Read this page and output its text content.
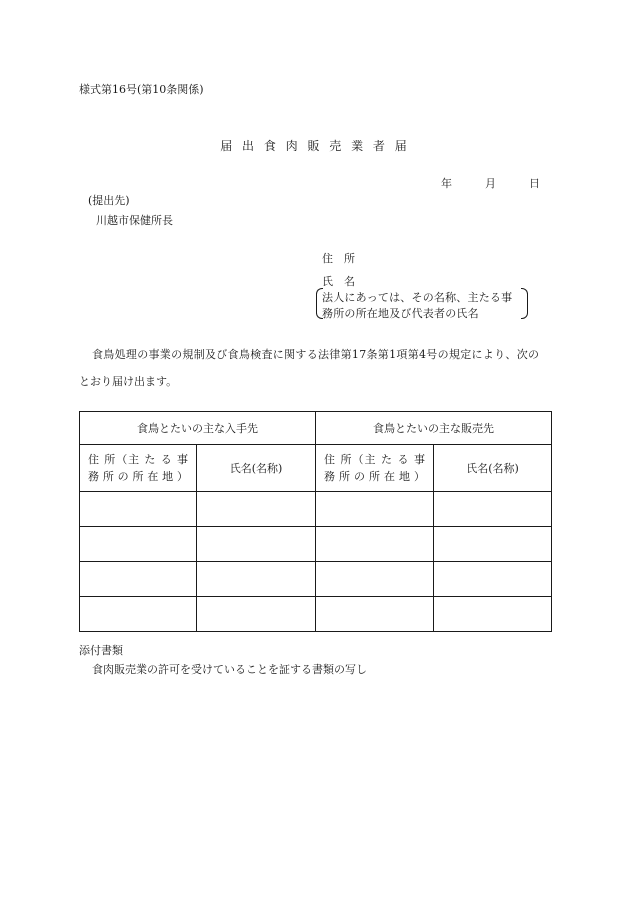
様式第16号(第10条関係)
届 出 食 肉 販 売 業 者 届
年	月	日
(提出先)
川越市保健所長
住　所
氏　名
法人にあっては、その名称、主たる事
務所の所在地及び代表者の氏名
食鳥処理の事業の規制及び食鳥検査に関する法律第17条第1項第4号の規定により、次の
とおり届け出ます。
食鳥とたいの主な入手先		食鳥とたいの主な販売先	

住 所（主 た る 事
務 所 の 所 在 地 ）	氏名(名称)	住 所（主 た る 事
務 所 の 所 在 地 ）	氏名(名称)

添付書類
食肉販売業の許可を受けていることを証する書類の写し
